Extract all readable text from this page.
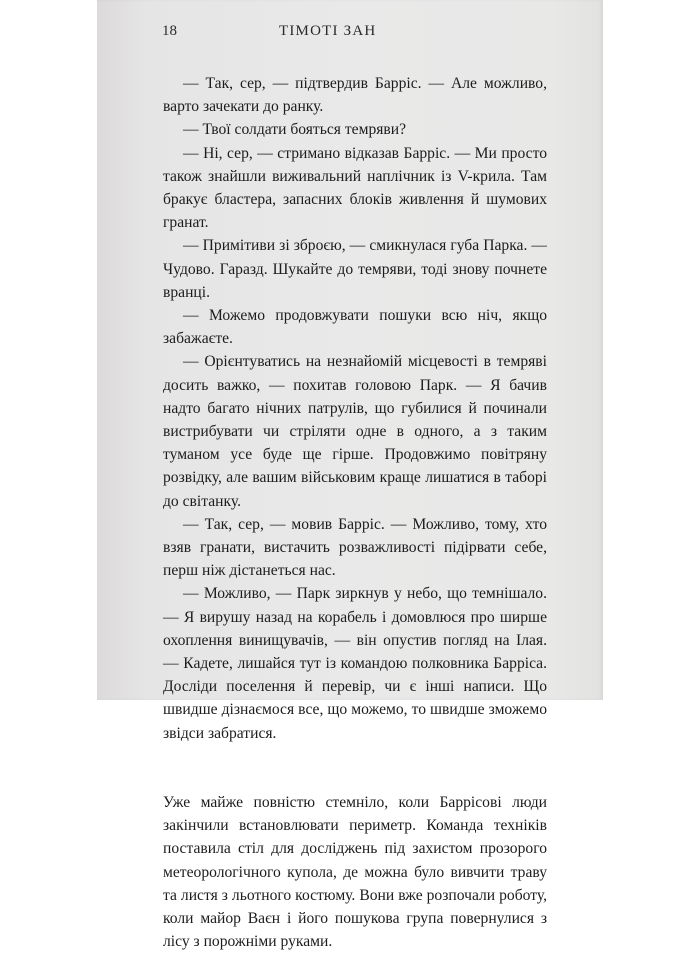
18	ТІМОТІ ЗАН

— Так, сер, — підтвердив Барріс. — Але можливо, варто зачекати до ранку.

— Твої солдати бояться темряви?

— Ні, сер, — стримано відказав Барріс. — Ми просто також знайшли виживальний наплічник із V-крила. Там бракує бластера, запасних блоків живлення й шумових гранат.

— Примітиви зі зброєю, — смикнулася губа Парка. — Чудово. Гаразд. Шукайте до темряви, тоді знову почнете вранці.

— Можемо продовжувати пошуки всю ніч, якщо забажаєте.

— Орієнтуватись на незнайомій місцевості в темряві досить важко, — похитав головою Парк. — Я бачив надто багато нічних патрулів, що губилися й починали вистрибувати чи стріляти одне в одного, а з таким туманом усе буде ще гірше. Продовжимо повітряну розвідку, але вашим військовим краще лишатися в таборі до світанку.

— Так, сер, — мовив Барріс. — Можливо, тому, хто взяв гранати, вистачить розважливості підірвати себе, перш ніж дістанеться нас.

— Можливо, — Парк зиркнув у небо, що темнішало. — Я вирушу назад на корабель і домовлюся про ширше охоплення винищувачів, — він опустив погляд на Ілая. — Кадете, лишайся тут із командою полковника Барріса. Досліди поселення й перевір, чи є інші написи. Що швидше дізнаємося все, що можемо, то швидше зможемо звідси забратися.

Уже майже повністю стемніло, коли Баррісові люди закінчили встановлювати периметр. Команда техніків поставила стіл для досліджень під захистом прозорого метеорологічного купола, де можна було вивчити траву та листя з льотного костюму. Вони вже розпочали роботу, коли майор Ваєн і його пошукова група повернулися з лісу з порожніми руками.
